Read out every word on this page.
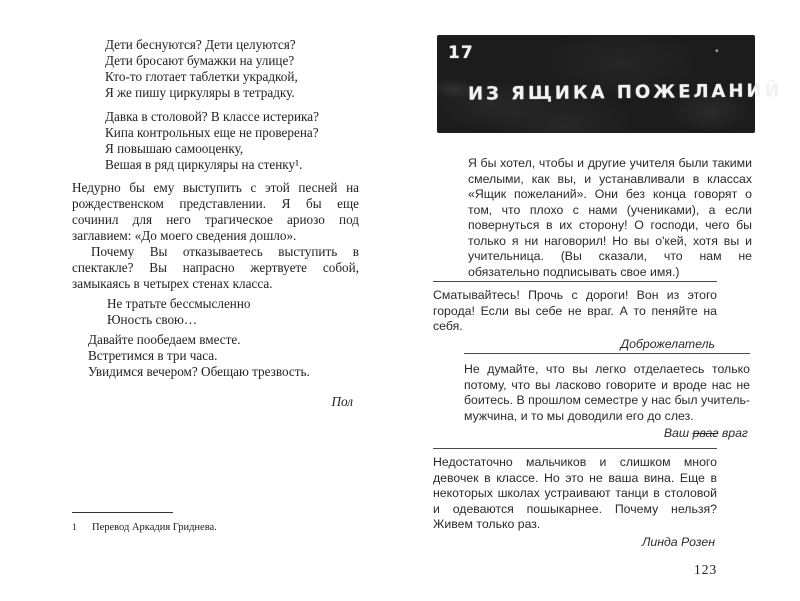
Дети беснуются? Дети целуются?
Дети бросают бумажки на улице?
Кто-то глотает таблетки украдкой,
Я же пишу циркуляры в тетрадку.
Давка в столовой? В классе истерика?
Кипа контрольных еще не проверена?
Я повышаю самооценку,
Вешая в ряд циркуляры на стенку¹.

Недурно бы ему выступить с этой песней на рождественском представлении. Я бы еще сочинил для него трагическое ариозо под заглавием: «До моего сведения дошло».

Почему Вы отказываетесь выступить в спектакле? Вы напрасно жертвуете собой, замыкаясь в четырех стенах класса.

Не тратьте бессмысленно
Юность свою…
Давайте пообедаем вместе.
Встретимся в три часа.
Увидимся вечером? Обещаю трезвость.
Пол
1 Перевод Аркадия Гриднева.
17
ИЗ ЯЩИКА ПОЖЕЛАНИЙ

Я бы хотел, чтобы и другие учителя были такими смелыми, как вы, и устанавливали в классах «Ящик пожеланий». Они без конца говорят о том, что плохо с нами (учениками), а если повернуться в их сторону! О господи, чего бы только я ни наговорил! Но вы о'кей, хотя вы и учительница. (Вы сказали, что нам не обязательно подписывать свое имя.)

Сматывайтесь! Прочь с дороги! Вон из этого города! Если вы себе не враг. А то пеняйте на себя.

Доброжелатель

Не думайте, что вы легко отделаетесь только потому, что вы ласково говорите и вроде нас не боитесь. В прошлом семестре у нас был учитель-мужчина, и то мы доводили его до слез.

Ваш рваг враг

Недостаточно мальчиков и слишком много девочек в классе. Но это не ваша вина. Еще в некоторых школах устраивают танци в столовой и одеваются пошыкарнее. Почему нельзя? Живем только раз.

Линда Розен
123
